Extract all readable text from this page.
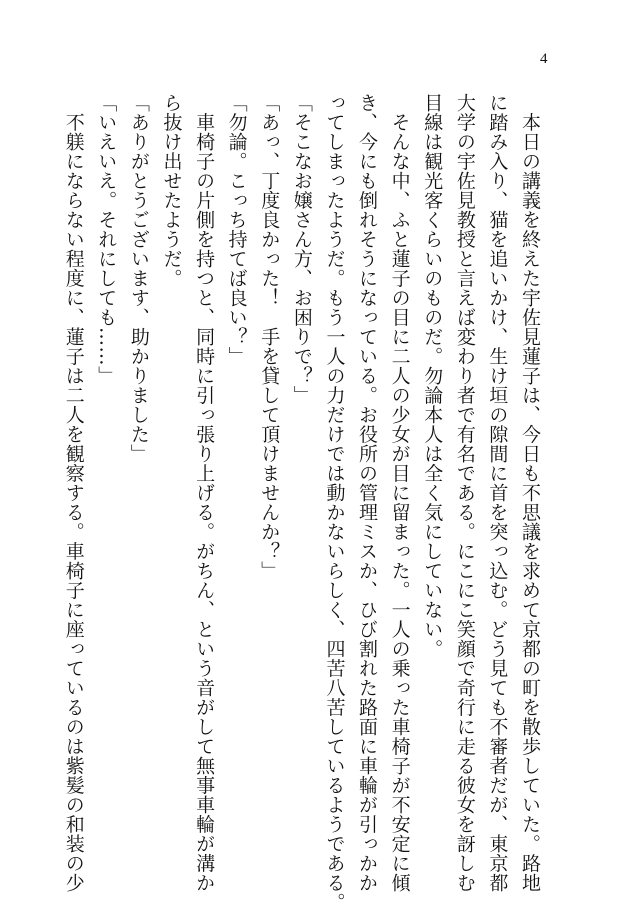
4
　本日の講義を終えた宇佐見蓮子は、今日も不思議を求めて京都の町を散歩していた。路地
に踏み入り、猫を追いかけ、生け垣の隙間に首を突っ込む。どう見ても不審者だが、東京都
大学の宇佐見教授と言えば変わり者で有名である。にこにこ笑顔で奇行に走る彼女を訝しむ
目線は観光客くらいのものだ。勿論本人は全く気にしていない。
　そんな中、ふと蓮子の目に二人の少女が目に留まった。一人の乗った車椅子が不安定に傾
き、今にも倒れそうになっている。お役所の管理ミスか、ひび割れた路面に車輪が引っかか
ってしまったようだ。もう一人の力だけでは動かないらしく、四苦八苦しているようである。
「そこなお嬢さん方、お困りで？」
「あっ、丁度良かった！　手を貸して頂けませんか？」
「勿論。こっち持てば良い？」
　車椅子の片側を持つと、同時に引っ張り上げる。がちん、という音がして無事車輪が溝か
ら抜け出せたようだ。
「ありがとうございます、助かりました」
「いえいえ。それにしても……」
　不躾にならない程度に、蓮子は二人を観察する。車椅子に座っているのは紫髪の和装の少
